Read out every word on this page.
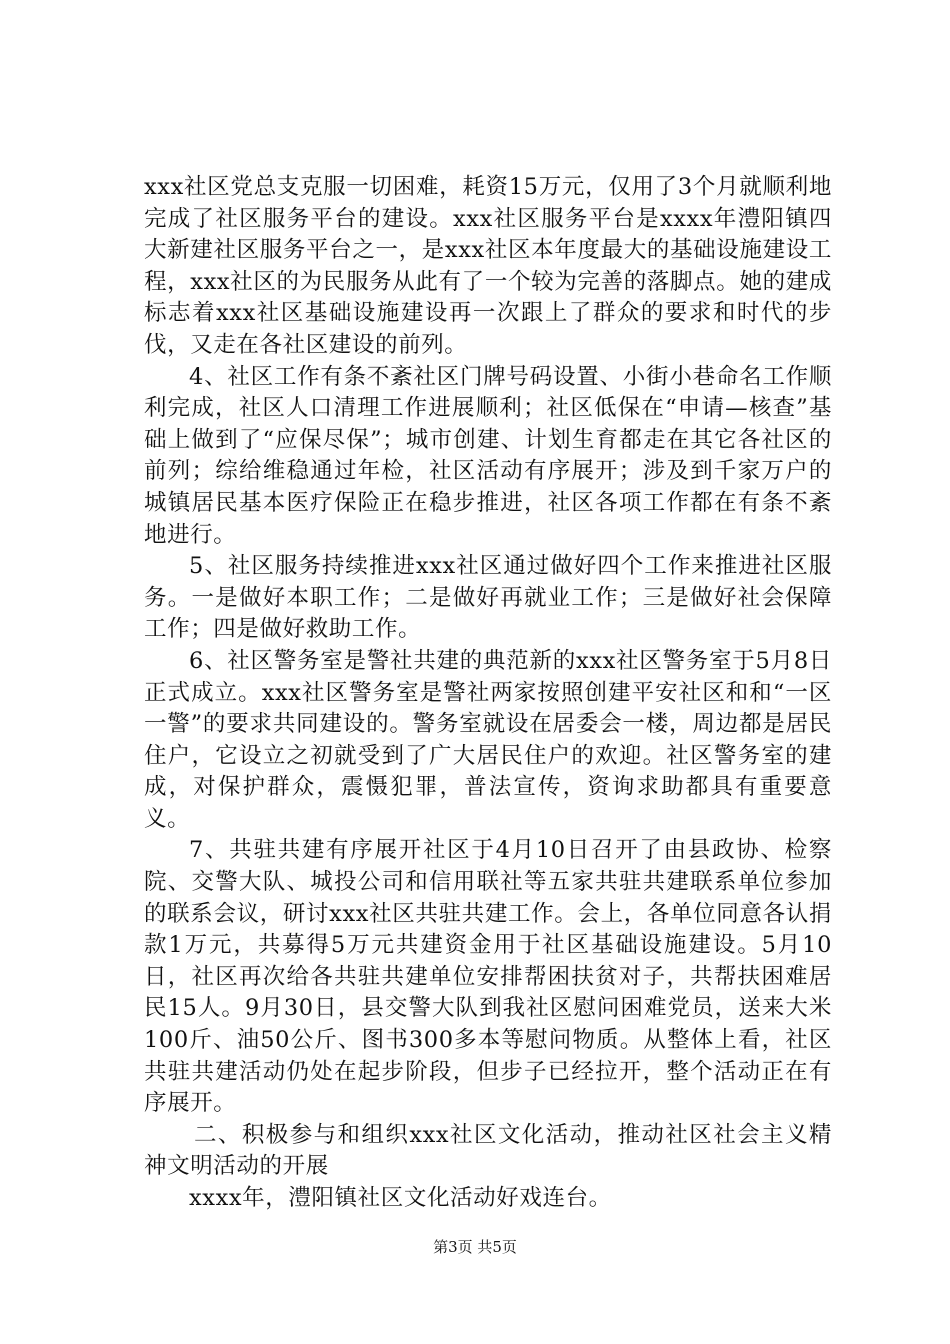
xxx社区党总支克服一切困难，耗资15万元，仅用了3个月就顺利地完成了社区服务平台的建设。xxx社区服务平台是xxxx年澧阳镇四大新建社区服务平台之一，是xxx社区本年度最大的基础设施建设工程，xxx社区的为民服务从此有了一个较为完善的落脚点。她的建成标志着xxx社区基础设施建设再一次跟上了群众的要求和时代的步伐，又走在各社区建设的前列。

4、社区工作有条不紊社区门牌号码设置、小街小巷命名工作顺利完成，社区人口清理工作进展顺利；社区低保在“申请—核查”基础上做到了“应保尽保”；城市创建、计划生育都走在其它各社区的前列；综给维稳通过年检，社区活动有序展开；涉及到千家万户的城镇居民基本医疗保险正在稳步推进，社区各项工作都在有条不紊地进行。

5、社区服务持续推进xxx社区通过做好四个工作来推进社区服务。一是做好本职工作；二是做好再就业工作；三是做好社会保障工作；四是做好救助工作。

6、社区警务室是警社共建的典范新的xxx社区警务室于5月8日正式成立。xxx社区警务室是警社两家按照创建平安社区和和“一区一警”的要求共同建设的。警务室就设在居委会一楼，周边都是居民住户，它设立之初就受到了广大居民住户的欢迎。社区警务室的建成，对保护群众，震慑犯罪，普法宣传，资询求助都具有重要意义。

7、共驻共建有序展开社区于4月10日召开了由县政协、检察院、交警大队、城投公司和信用联社等五家共驻共建联系单位参加的联系会议，研讨xxx社区共驻共建工作。会上，各单位同意各认捐款1万元，共募得5万元共建资金用于社区基础设施建设。5月10日，社区再次给各共驻共建单位安排帮困扶贫对子，共帮扶困难居民15人。9月30日，县交警大队到我社区慰问困难党员，送来大米100斤、油50公斤、图书300多本等慰问物质。从整体上看，社区共驻共建活动仍处在起步阶段，但步子已经拉开，整个活动正在有序展开。

二、积极参与和组织xxx社区文化活动，推动社区社会主义精神文明活动的开展

xxxx年，澧阳镇社区文化活动好戏连台。

第3页 共5页
